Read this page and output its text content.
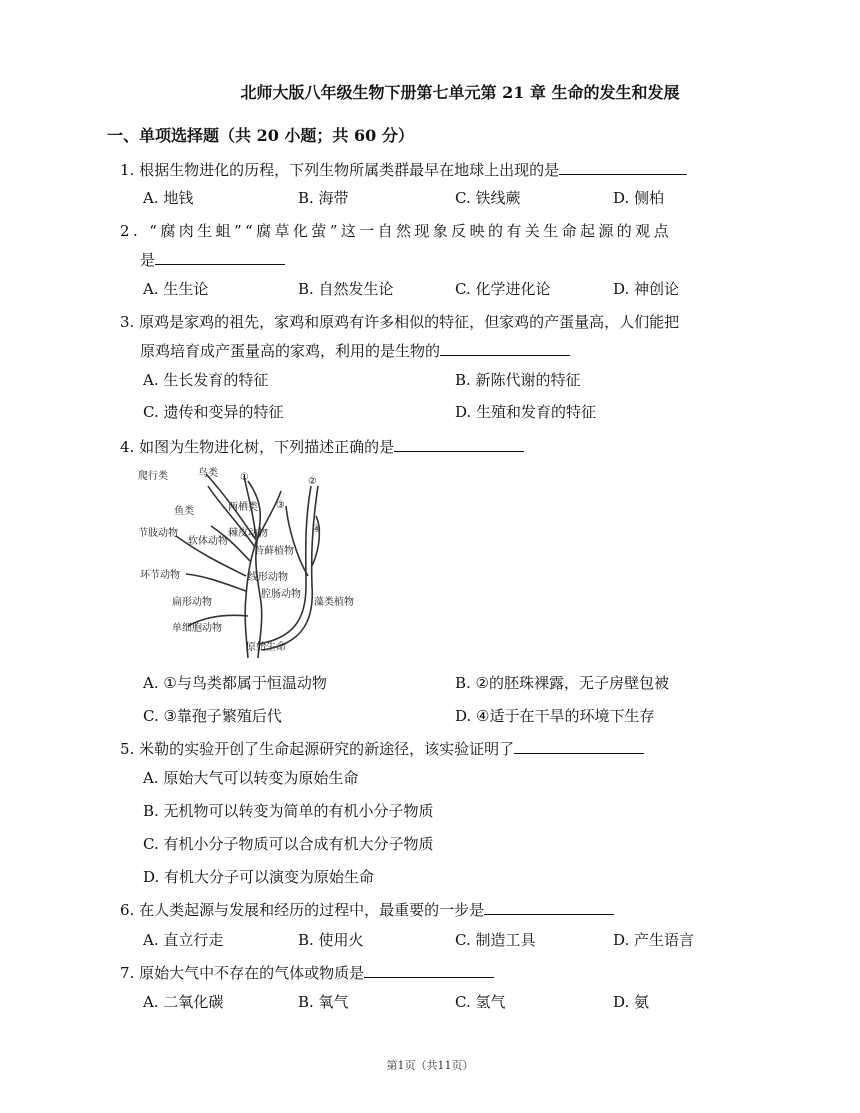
北师大版八年级生物下册第七单元第 21 章 生命的发生和发展
一、单项选择题（共 20 小题；共 60 分）
1. 根据生物进化的历程，下列生物所属类群最早在地球上出现的是
A. 地钱	B. 海带	C. 铁线蕨	D. 侧柏
2. “腐肉生蛆”“腐草化萤”这一自然现象反映的有关生命起源的观点
是
A. 生生论	B. 自然发生论	C. 化学进化论	D. 神创论
3. 原鸡是家鸡的祖先，家鸡和原鸡有许多相似的特征，但家鸡的产蛋量高，人们能把
原鸡培育成产蛋量高的家鸡，利用的是生物的
A. 生长发育的特征	B. 新陈代谢的特征
C. 遗传和变异的特征	D. 生殖和发育的特征
4. 如图为生物进化树，下列描述正确的是
爬行类	鸟类 ①	②
③
④
鱼类	两栖类
棘皮动物
节肢动物
软体动物
苔藓植物
环节动物	线形动物
腔肠动物
扁形动物	藻类植物
单细胞动物
原始生命
A. ①与鸟类都属于恒温动物	B. ②的胚珠裸露，无子房壁包被
C. ③靠孢子繁殖后代	D. ④适于在干旱的环境下生存
5. 米勒的实验开创了生命起源研究的新途径，该实验证明了
A. 原始大气可以转变为原始生命
B. 无机物可以转变为简单的有机小分子物质
C. 有机小分子物质可以合成有机大分子物质
D. 有机大分子可以演变为原始生命
6. 在人类起源与发展和经历的过程中，最重要的一步是
A. 直立行走	B. 使用火	C. 制造工具	D. 产生语言
7. 原始大气中不存在的气体或物质是
A. 二氧化碳	B. 氧气	C. 氢气	D. 氨
第1页（共11页）
